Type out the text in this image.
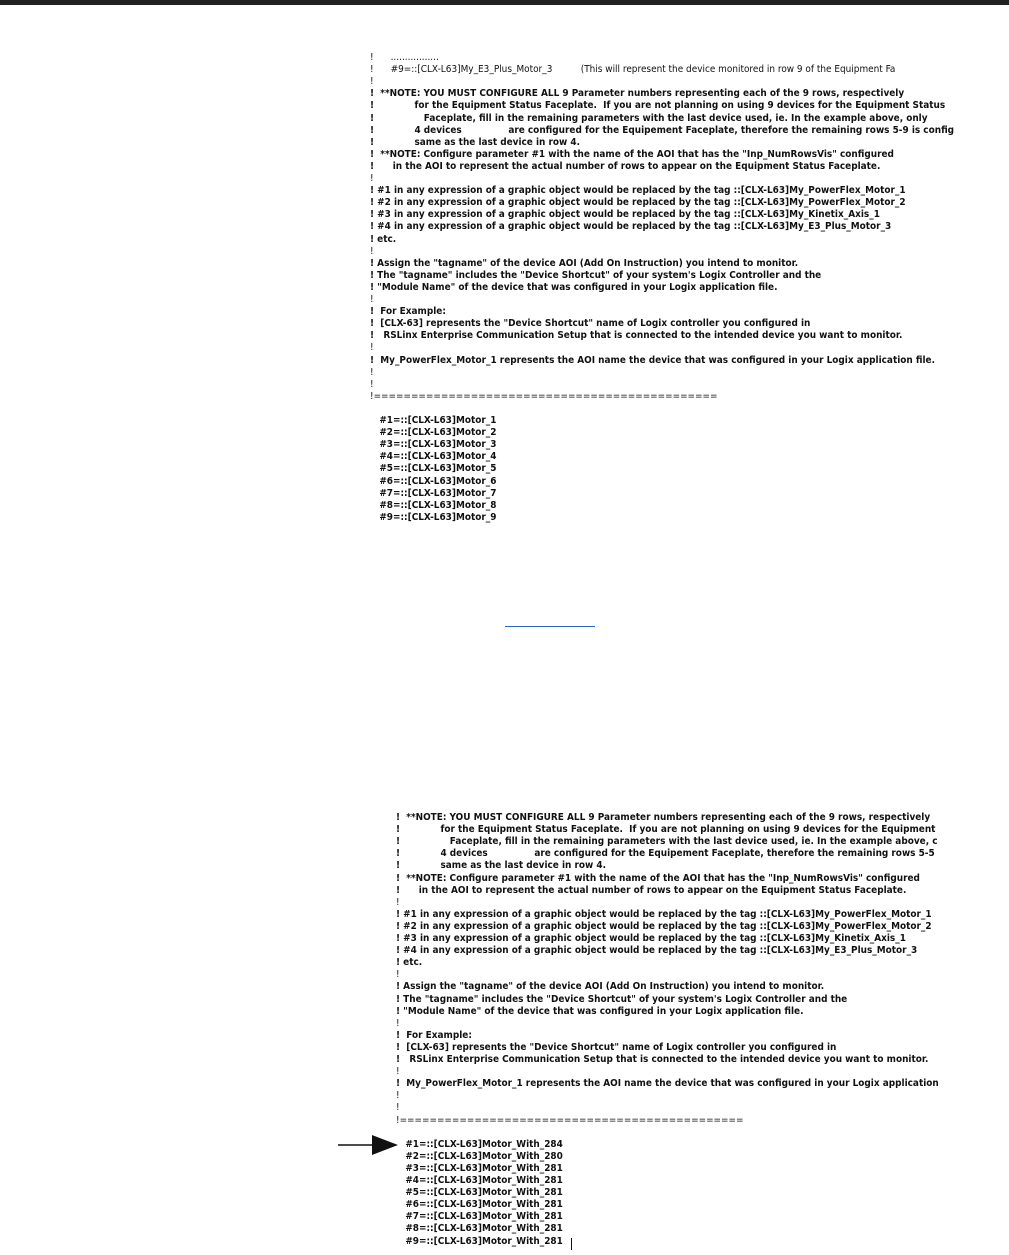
!      .................
!      #9=::[CLX-L63]My_E3_Plus_Motor_3          (This will represent the device monitored in row 9 of the Equipment Fa
!
!  **NOTE: YOU MUST CONFIGURE ALL 9 Parameter numbers representing each of the 9 rows, respectively
!             for the Equipment Status Faceplate.  If you are not planning on using 9 devices for the Equipment Status
!                Faceplate, fill in the remaining parameters with the last device used, ie. In the example above, only
!             4 devices               are configured for the Equipement Faceplate, therefore the remaining rows 5-9 is config
!             same as the last device in row 4.
!  **NOTE: Configure parameter #1 with the name of the AOI that has the "Inp_NumRowsVis" configured
!      in the AOI to represent the actual number of rows to appear on the Equipment Status Faceplate.
!
! #1 in any expression of a graphic object would be replaced by the tag ::[CLX-L63]My_PowerFlex_Motor_1
! #2 in any expression of a graphic object would be replaced by the tag ::[CLX-L63]My_PowerFlex_Motor_2
! #3 in any expression of a graphic object would be replaced by the tag ::[CLX-L63]My_Kinetix_Axis_1
! #4 in any expression of a graphic object would be replaced by the tag ::[CLX-L63]My_E3_Plus_Motor_3
! etc.
!
! Assign the "tagname" of the device AOI (Add On Instruction) you intend to monitor.
! The "tagname" includes the "Device Shortcut" of your system's Logix Controller and the
! "Module Name" of the device that was configured in your Logix application file.
!
!  For Example:
!  [CLX-63] represents the "Device Shortcut" name of Logix controller you configured in
!   RSLinx Enterprise Communication Setup that is connected to the intended device you want to monitor.
!
!  My_PowerFlex_Motor_1 represents the AOI name the device that was configured in your Logix application file.
!
!
!==============================================
#1=::[CLX-L63]Motor_1
#2=::[CLX-L63]Motor_2
#3=::[CLX-L63]Motor_3
#4=::[CLX-L63]Motor_4
#5=::[CLX-L63]Motor_5
#6=::[CLX-L63]Motor_6
#7=::[CLX-L63]Motor_7
#8=::[CLX-L63]Motor_8
#9=::[CLX-L63]Motor_9
!  **NOTE: YOU MUST CONFIGURE ALL 9 Parameter numbers representing each of the 9 rows, respectively
!             for the Equipment Status Faceplate.  If you are not planning on using 9 devices for the Equipment
!                Faceplate, fill in the remaining parameters with the last device used, ie. In the example above, c
!             4 devices               are configured for the Equipement Faceplate, therefore the remaining rows 5-5
!             same as the last device in row 4.
!  **NOTE: Configure parameter #1 with the name of the AOI that has the "Inp_NumRowsVis" configured
!      in the AOI to represent the actual number of rows to appear on the Equipment Status Faceplate.
!
! #1 in any expression of a graphic object would be replaced by the tag ::[CLX-L63]My_PowerFlex_Motor_1
! #2 in any expression of a graphic object would be replaced by the tag ::[CLX-L63]My_PowerFlex_Motor_2
! #3 in any expression of a graphic object would be replaced by the tag ::[CLX-L63]My_Kinetix_Axis_1
! #4 in any expression of a graphic object would be replaced by the tag ::[CLX-L63]My_E3_Plus_Motor_3
! etc.
!
! Assign the "tagname" of the device AOI (Add On Instruction) you intend to monitor.
! The "tagname" includes the "Device Shortcut" of your system's Logix Controller and the
! "Module Name" of the device that was configured in your Logix application file.
!
!  For Example:
!  [CLX-63] represents the "Device Shortcut" name of Logix controller you configured in
!   RSLinx Enterprise Communication Setup that is connected to the intended device you want to monitor.
!
!  My_PowerFlex_Motor_1 represents the AOI name the device that was configured in your Logix application
!
!
!==============================================
#1=::[CLX-L63]Motor_With_284
#2=::[CLX-L63]Motor_With_280
#3=::[CLX-L63]Motor_With_281
#4=::[CLX-L63]Motor_With_281
#5=::[CLX-L63]Motor_With_281
#6=::[CLX-L63]Motor_With_281
#7=::[CLX-L63]Motor_With_281
#8=::[CLX-L63]Motor_With_281
#9=::[CLX-L63]Motor_With_281
